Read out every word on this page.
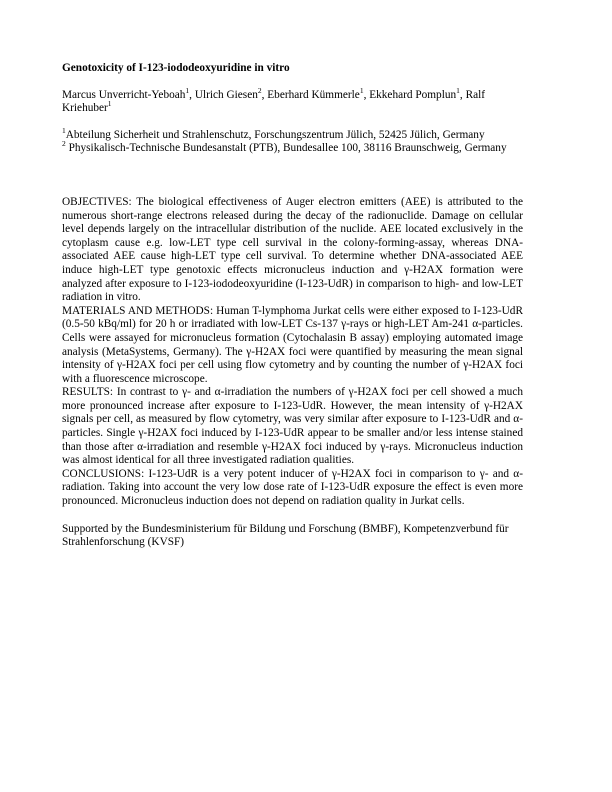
Genotoxicity of I-123-iododeoxyuridine in vitro
Marcus Unverricht-Yeboah$^1$, Ulrich Giesen$^2$, Eberhard Kümmerle$^1$, Ekkehard Pomplun$^1$, Ralf Kriehuber$^1$
$^1$Abteilung Sicherheit und Strahlenschutz, Forschungszentrum Jülich, 52425 Jülich, Germany
$^2$ Physikalisch-Technische Bundesanstalt (PTB), Bundesallee 100, 38116 Braunschweig, Germany

OBJECTIVES: The biological effectiveness of Auger electron emitters (AEE) is attributed to the numerous short-range electrons released during the decay of the radionuclide. Damage on cellular level depends largely on the intracellular distribution of the nuclide. AEE located exclusively in the cytoplasm cause e.g. low-LET type cell survival in the colony-forming-assay, whereas DNA-associated AEE cause high-LET type cell survival. To determine whether DNA-associated AEE induce high-LET type genotoxic effects micronucleus induction and γ-H2AX formation were analyzed after exposure to I-123-iododeoxyuridine (I-123-UdR) in comparison to high- and low-LET radiation in vitro.

MATERIALS AND METHODS: Human T-lymphoma Jurkat cells were either exposed to I-123-UdR (0.5-50 kBq/ml) for 20 h or irradiated with low-LET Cs-137 γ-rays or high-LET Am-241 α-particles. Cells were assayed for micronucleus formation (Cytochalasin B assay) employing automated image analysis (MetaSystems, Germany). The γ-H2AX foci were quantified by measuring the mean signal intensity of γ-H2AX foci per cell using flow cytometry and by counting the number of γ-H2AX foci with a fluorescence microscope.

RESULTS: In contrast to γ- and α-irradiation the numbers of γ-H2AX foci per cell showed a much more pronounced increase after exposure to I-123-UdR. However, the mean intensity of γ-H2AX signals per cell, as measured by flow cytometry, was very similar after exposure to I-123-UdR and α-particles. Single γ-H2AX foci induced by I-123-UdR appear to be smaller and/or less intense stained than those after α-irradiation and resemble γ-H2AX foci induced by γ-rays. Micronucleus induction was almost identical for all three investigated radiation qualities.

CONCLUSIONS: I-123-UdR is a very potent inducer of γ-H2AX foci in comparison to γ- and α-radiation. Taking into account the very low dose rate of I-123-UdR exposure the effect is even more pronounced. Micronucleus induction does not depend on radiation quality in Jurkat cells.

Supported by the Bundesministerium für Bildung und Forschung (BMBF), Kompetenzverbund für Strahlenforschung (KVSF)
